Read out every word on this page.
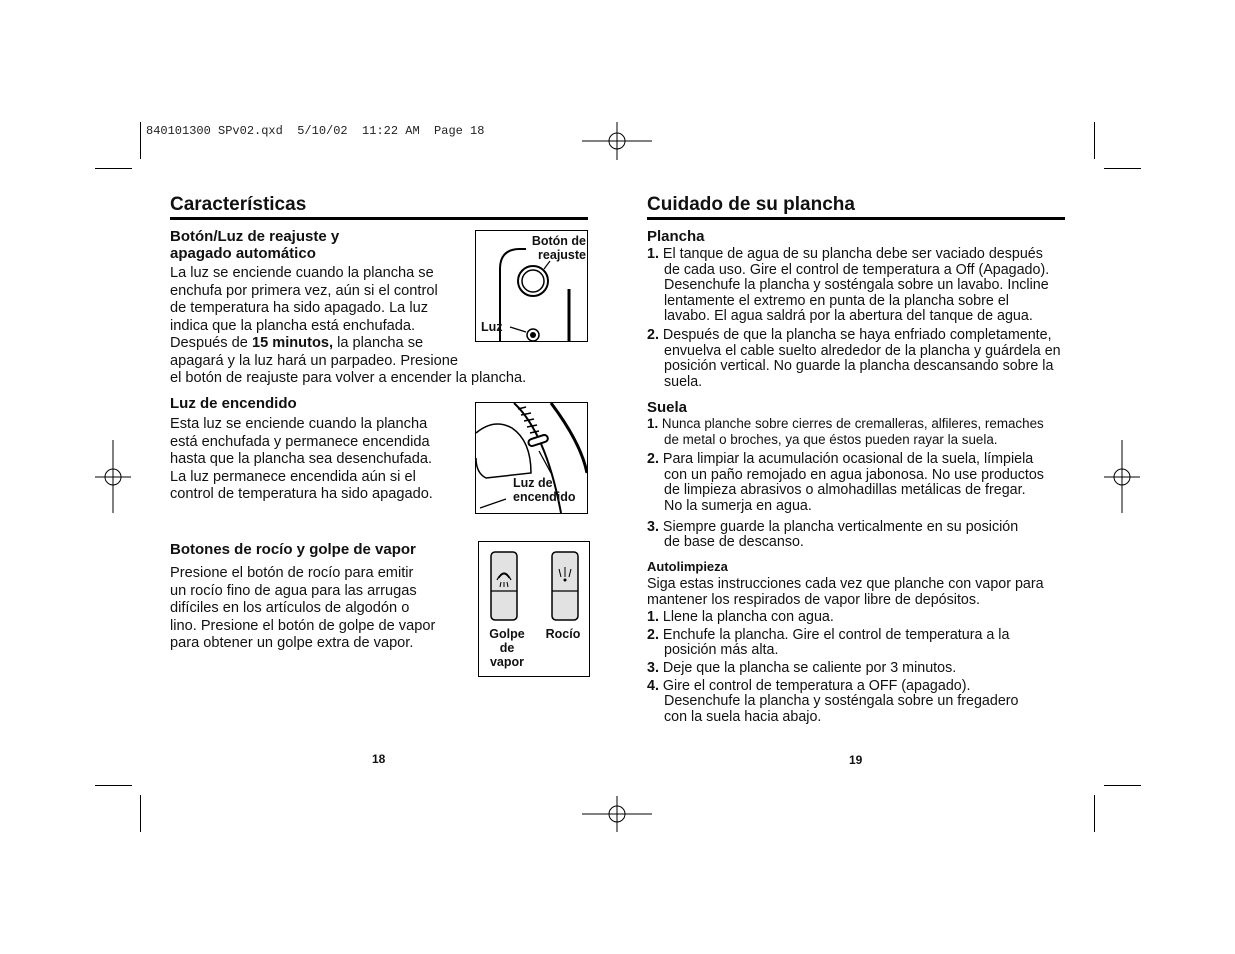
840101300 SPv02.qxd  5/10/02  11:22 AM  Page 18
Características
Botón/Luz de reajuste y
apagado automático
La luz se enciende cuando la plancha se
enchufa por primera vez, aún si el control
de temperatura ha sido apagado. La luz
indica que la plancha está enchufada.
Después de 15 minutos, la plancha se
apagará y la luz hará un parpadeo. Presione
el botón de reajuste para volver a encender la plancha.
Botón de
reajuste
Luz
Luz de encendido
Esta luz se enciende cuando la plancha
está enchufada y permanece encendida
hasta que la plancha sea desenchufada.
La luz permanece encendida aún si el
control de temperatura ha sido apagado.
Luz de
encendido
Botones de rocío y golpe de vapor
Presione el botón de rocío para emitir
un rocío fino de agua para las arrugas
difíciles en los artículos de algodón o
lino. Presione el botón de golpe de vapor
para obtener un golpe extra de vapor.
Golpe
de
vapor
Rocío
18
Cuidado de su plancha
Plancha
1. El tanque de agua de su plancha debe ser vaciado después
de cada uso. Gire el control de temperatura a Off (Apagado).
Desenchufe la plancha y sosténgala sobre un lavabo. Incline
lentamente el extremo en punta de la plancha sobre el
lavabo. El agua saldrá por la abertura del tanque de agua.
2. Después de que la plancha se haya enfriado completamente,
envuelva el cable suelto alrededor de la plancha y guárdela en
posición vertical. No guarde la plancha descansando sobre la
suela.
Suela
1. Nunca planche sobre cierres de cremalleras, alfileres, remaches
de metal o broches, ya que éstos pueden rayar la suela.
2. Para limpiar la acumulación ocasional de la suela, límpiela
con un paño remojado en agua jabonosa. No use productos
de limpieza abrasivos o almohadillas metálicas de fregar.
No la sumerja en agua.
3. Siempre guarde la plancha verticalmente en su posición
de base de descanso.
Autolimpieza
Siga estas instrucciones cada vez que planche con vapor para
mantener los respirados de vapor libre de depósitos.
1. Llene la plancha con agua.
2. Enchufe la plancha. Gire el control de temperatura a la
posición más alta.
3. Deje que la plancha se caliente por 3 minutos.
4. Gire el control de temperatura a OFF (apagado).
Desenchufe la plancha y sosténgala sobre un fregadero
con la suela hacia abajo.
19
